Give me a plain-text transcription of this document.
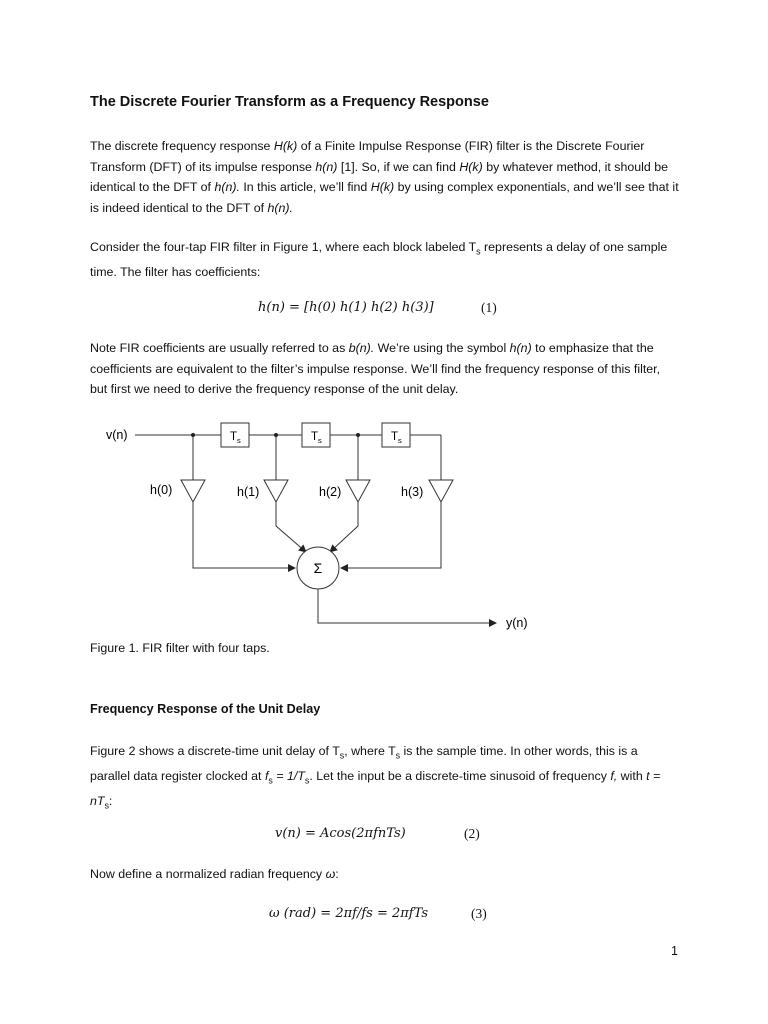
The Discrete Fourier Transform as a Frequency Response
The discrete frequency response H(k) of a Finite Impulse Response (FIR) filter is the Discrete Fourier Transform (DFT) of its impulse response h(n) [1]. So, if we can find H(k) by whatever method, it should be identical to the DFT of h(n). In this article, we’ll find H(k) by using complex exponentials, and we’ll see that it is indeed identical to the DFT of h(n).
Consider the four-tap FIR filter in Figure 1, where each block labeled $T_s$ represents a delay of one sample time. The filter has coefficients:
h(n) = [h(0) h(1) h(2) h(3)]	(1)
Note FIR coefficients are usually referred to as b(n). We’re using the symbol h(n) to emphasize that the coefficients are equivalent to the filter’s impulse response. We’ll find the frequency response of this filter, but first we need to derive the frequency response of the unit delay.
v(n)
y(n)
$T_s$	$T_s$	$T_s$
h(0)	h(1)	h(2)	h(3)
Σ
Figure 1. FIR filter with four taps.
Frequency Response of the Unit Delay
Figure 2 shows a discrete-time unit delay of $T_s$, where $T_s$ is the sample time. In other words, this is a parallel data register clocked at $f_s = 1/T_s$. Let the input be a discrete-time sinusoid of frequency f, with $t = nT_s$:
v(n) = Acos(2πfnTs)	(2)
Now define a normalized radian frequency ω:
ω (rad) = 2πf/fs = 2πfTs	(3)
1
